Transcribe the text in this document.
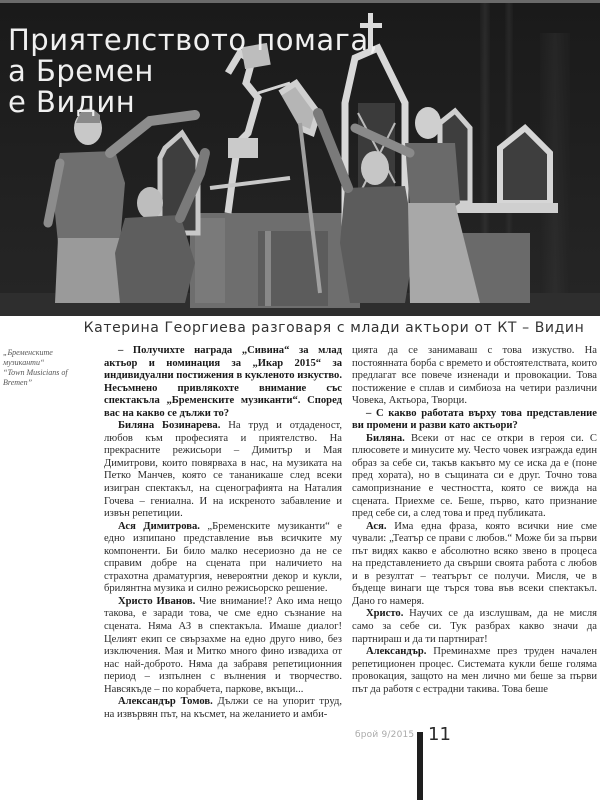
Приятелството помага,
а Бремен
е Видин
Катерина Георгиева разговаря с млади актьори от КТ – Видин
„Бременските музиканти“
“Town Musicians of Bremen”

– Получихте награда „Сивина“ за млад актьор и номинация за „Икар 2015“ за индивидуални постижения в кукленото изкуство. Несъмнено привлякохте внимание със спектакъла „Бременските музиканти“. Според вас на какво се дължи то?

Биляна Бозинарева. На труд и отдаденост, любов към професията и приятелство. На прекрасните режисьори – Димитър и Мая Димитрови, които повярваха в нас, на музиката на Петко Манчев, която се тананикаше след всеки изигран спектакъл, на сценографията на Наталия Гочева – гениална. И на искреното забавление и извън репетиции.

Ася Димитрова. „Бременските музиканти“ е едно изпипано представление във всичките му компоненти. Би било малко несериозно да не се справим добре на сцената при наличието на страхотна драматургия, невероятни декор и кукли, брилянтна музика и силно режисьорско решение.

Христо Иванов. Чие внимание!? Ако има нещо такова, е заради това, че сме едно съзнание на сцената. Няма АЗ в спектакъла. Имаше диалог! Целият екип се свързахме на едно друго ниво, без изключения. Мая и Митко много фино извадиха от нас най-доброто. Няма да забравя репетиционния период – изпълнен с вълнения и творчество. Навсякъде – по корабчета, паркове, вкъщи...

Александър Томов. Дължи се на упорит труд, на извървян път, на късмет, на желанието и амби-

цията да се занимаваш с това изкуство. На постоянната борба с времето и обстоятелствата, които предлагат все повече изненади и провокации. Това постижение е сплав и симбиоза на четири различни Човека, Актьора, Творци.

– С какво работата върху това представление ви промени и разви като актьори?

Биляна. Всеки от нас се откри в героя си. С плюсовете и минусите му. Често човек изгражда един образ за себе си, такъв какъвто му се иска да е (поне пред хората), но в същината си е друг. Точно това самопризнание е честността, която се вижда на сцената. Приехме се. Беше, първо, като признание пред себе си, а след това и пред публиката.

Ася. Има една фраза, която всички ние сме чували: „Театър се прави с любов.“ Може би за първи път видях какво е абсолютно всяко звено в процеса на представлението да свърши своята работа с любов и в резултат – театърът се получи. Мисля, че в бъдеще винаги ще търся това във всеки спектакъл. Дано го намеря.

Христо. Научих се да изслушвам, да не мисля само за себе си. Тук разбрах какво значи да партнираш и да ти партнират!

Александър. Преминахме през труден начален репетиционен процес. Системата кукли беше голяма провокация, защото на мен лично ми беше за първи път да работя с естрадни такива. Това беше

брой 9/2015 11
